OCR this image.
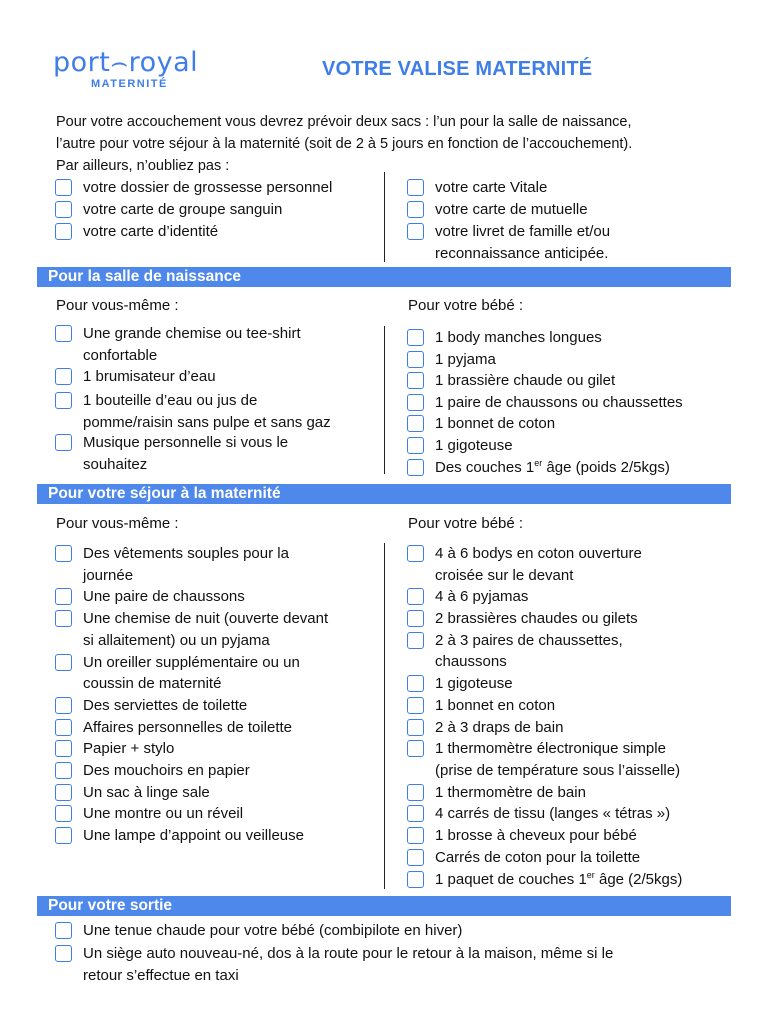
port⌢royal
MATERNITÉ
VOTRE VALISE MATERNITÉ
Pour votre accouchement vous devrez prévoir deux sacs : l’un pour la salle de naissance,
l’autre pour votre séjour à la maternité (soit de 2 à 5 jours en fonction de l’accouchement).
Par ailleurs, n’oubliez pas :
votre dossier de grossesse personnel
votre carte de groupe sanguin
votre carte d’identité
votre carte Vitale
votre carte de mutuelle
votre livret de famille et/ou
reconnaissance anticipée.
Pour la salle de naissance
Pour vous-même :	Pour votre bébé :
Une grande chemise ou tee-shirt
confortable
1 brumisateur d’eau
1 bouteille d’eau ou jus de
pomme/raisin sans pulpe et sans gaz
Musique personnelle si vous le
souhaitez
1 body manches longues
1 pyjama
1 brassière chaude ou gilet
1 paire de chaussons ou chaussettes
1 bonnet de coton
1 gigoteuse
Des couches 1er âge (poids 2/5kgs)
Pour votre séjour à la maternité
Pour vous-même :	Pour votre bébé :
Des vêtements souples pour la
journée
Une paire de chaussons
Une chemise de nuit (ouverte devant
si allaitement) ou un pyjama
Un oreiller supplémentaire ou un
coussin de maternité
Des serviettes de toilette
Affaires personnelles de toilette
Papier + stylo
Des mouchoirs en papier
Un sac à linge sale
Une montre ou un réveil
Une lampe d’appoint ou veilleuse
4 à 6 bodys en coton ouverture
croisée sur le devant
4 à 6 pyjamas
2 brassières chaudes ou gilets
2 à 3 paires de chaussettes,
chaussons
1 gigoteuse
1 bonnet en coton
2 à 3 draps de bain
1 thermomètre électronique simple
(prise de température sous l’aisselle)
1 thermomètre de bain
4 carrés de tissu (langes « tétras »)
1 brosse à cheveux pour bébé
Carrés de coton pour la toilette
1 paquet de couches 1er âge (2/5kgs)
Pour votre sortie
Une tenue chaude pour votre bébé (combipilote en hiver)
Un siège auto nouveau-né, dos à la route pour le retour à la maison, même si le
retour s’effectue en taxi
